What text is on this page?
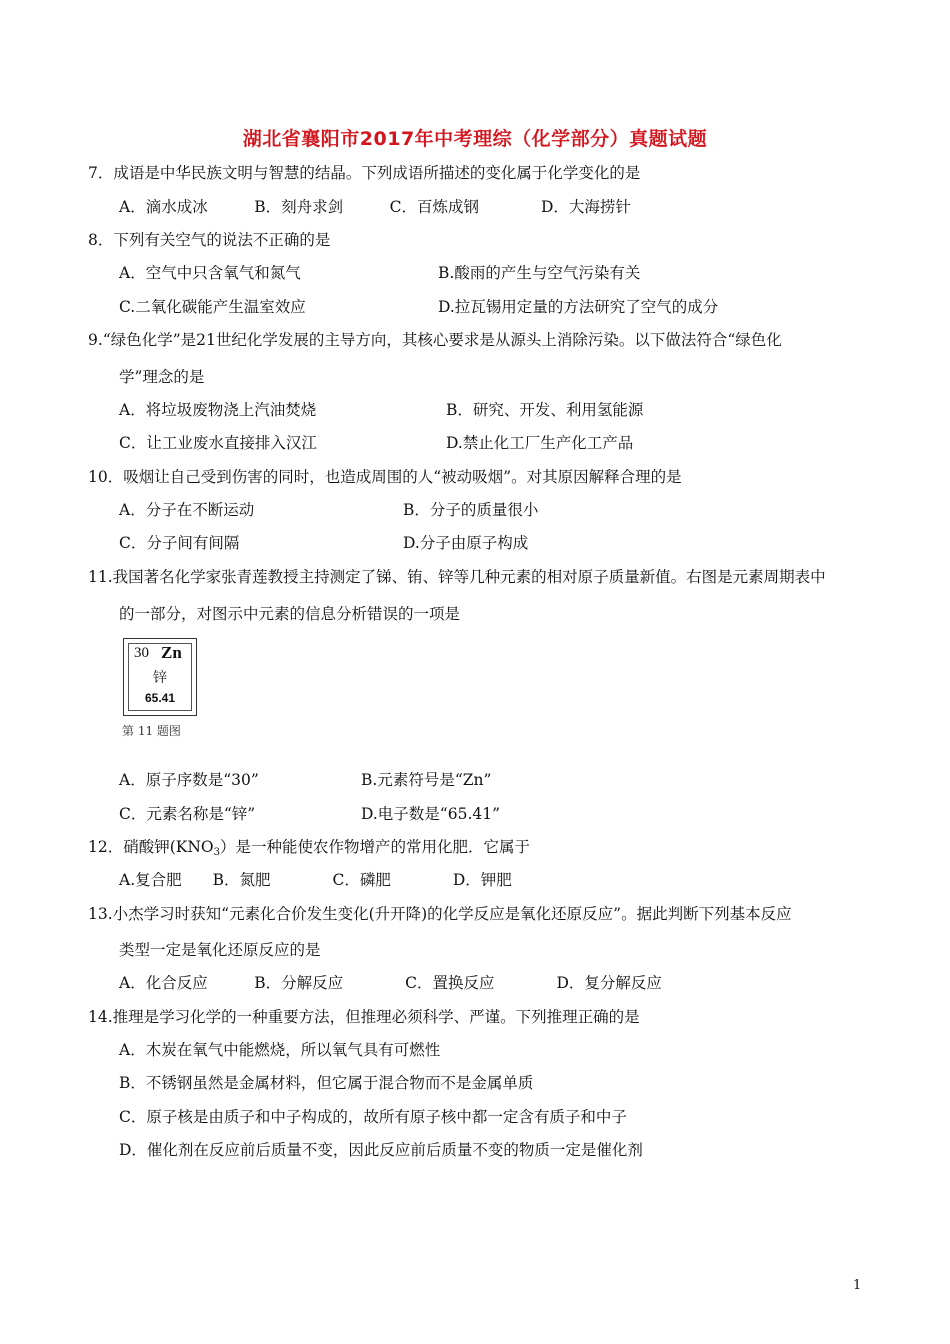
湖北省襄阳市2017年中考理综（化学部分）真题试题
7．成语是中华民族文明与智慧的结晶。下列成语所描述的变化属于化学变化的是
A．滴水成冰　　　B．刻舟求剑　　　C．百炼成钢　　　　D．大海捞针
8．下列有关空气的说法不正确的是
A．空气中只含氧气和氮气	B.酸雨的产生与空气污染有关
C.二氧化碳能产生温室效应	D.拉瓦锡用定量的方法研究了空气的成分
9.“绿色化学”是21世纪化学发展的主导方向，其核心要求是从源头上消除污染。以下做法符合“绿色化
学”理念的是
A．将垃圾废物浇上汽油焚烧	B．研究、开发、利用氢能源
C．让工业废水直接排入汉江	D.禁止化工厂生产化工产品
10．吸烟让自己受到伤害的同时，也造成周围的人“被动吸烟”。对其原因解释合理的是
A．分子在不断运动	B．分子的质量很小
C．分子间有间隔	D.分子由原子构成
11.我国著名化学家张青莲教授主持测定了锑、铕、锌等几种元素的相对原子质量新值。右图是元素周期表中
的一部分，对图示中元素的信息分析错误的一项是
30 Zn
锌
65.41
第 11 题图
A．原子序数是“30”	B.元素符号是“Zn”
C．元素名称是“锌”	D.电子数是“65.41”
12．硝酸钾$(KNO_3)$是一种能使农作物增产的常用化肥．它属于
A.复合肥　　B．氮肥　　　　C．磷肥　　　　D．钾肥
13.小杰学习时获知“元素化合价发生变化(升开降)的化学反应是氧化还原反应”。据此判断下列基本反应
类型一定是氧化还原反应的是
A．化合反应　　　B．分解反应　　　　C．置换反应　　　　D．复分解反应
14.推理是学习化学的一种重要方法，但推理必须科学、严谨。下列推理正确的是
A．木炭在氧气中能燃烧，所以氧气具有可燃性
B．不锈钢虽然是金属材料，但它属于混合物而不是金属单质
C．原子核是由质子和中子构成的，故所有原子核中都一定含有质子和中子
D．催化剂在反应前后质量不变，因此反应前后质量不变的物质一定是催化剂
1
